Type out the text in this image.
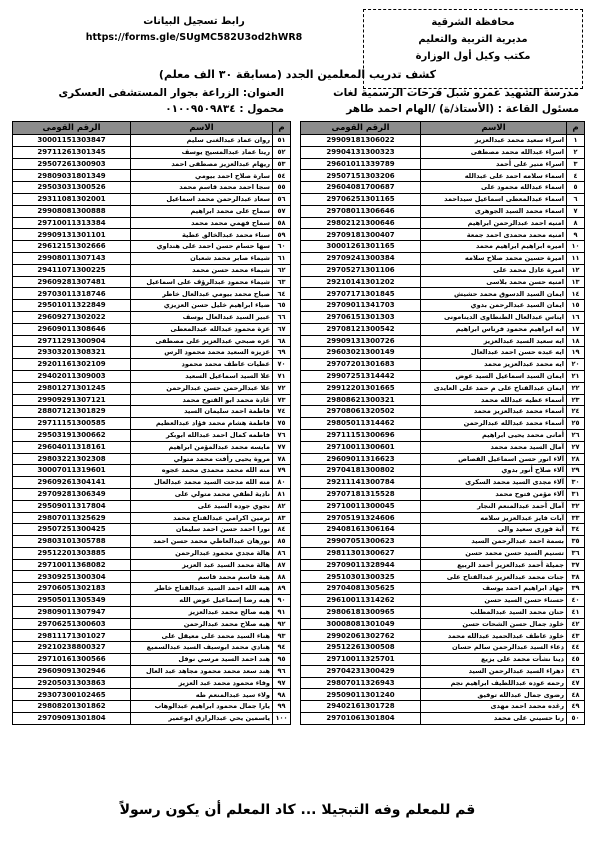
محافظة الشرقية
مديرية التربية والتعليم
مكتب وكيل أول الوزارة
رابط تسجيل البيانات
https://forms.gle/SUgMC582U3od2hWR8
كشف تدريب المعلمين الجدد (مسابقة ٣٠ الف معلم)
مدرسة الشهيد عمرو شبل فرحات الرسمية لغات
مسئول القاعة : (الأستاذ/ة) /الهام احمد طاهر
العنوان: الزراعة بجوار المستشفى العسكرى
محمول : ٠١٠٠٩٥٠٩٨٣٤
م	الاسم	الرقم القومى
١	اسراء سعيد محمد عبدالعزيز	29909181306022
٢	اسراء عبدالله محمد مصطفى	29904131300323
٣	اسراء منير على أحمد	29601011339789
٤	اسماء سلامه احمد على عبدالله	29507151303206
٥	اسماء عبدالله محمود على	29604081700687
٦	اسماء عبدالمعطى اسماعيل سيداحمد	29706251301165
٧	اسماء محمد السيد الجوهرى	29708011306646
٨	امنيه احمد عبدالرحمن ابراهيم	29802121300646
٩	امنيه محمد محمدى احمد جمعة	29709181300407
١٠	اميره ابراهيم ابراهيم محمد	30001261301165
١١	اميرة حسين محمد صلاح سلامه	29709241300384
١٢	اميرة عادل محمد على	29705271301106
١٣	امنيه حسن محمد بلاسى	29210141301202
١٤	ايمان السيد الدسوق محمد حشيش	29707171301845
١٥	ايمان السيد عبدالرحمن بدوي	29709011341703
١٦	ايناس عبدالعال الطنطاوى الدينامونى	29706151301303
١٧	ايه ابراهيم محمود فرناس ابراهيم	29708121300542
١٨	ايه سعيد السيد عبدالعزيز	29909131300726
١٩	ايه عبده حسن احمد عبدالعال	29603021300149
٢٠	ايه محمد عبدالعزيز محمد	29707201301683
٢١	ايمان السيد اسماعيل السيد عوض	29907251314442
٢٢	ايمان عبدالفتاح على م حمد على العايدى	29912201301665
٢٣	أسماء عطيه عبدالله محمد	29808621300321
٢٤	أسماء محمد عبدالعزيز محمد	29708061320502
٢٥	أسماء محمد عبدالله عبدالرحمن	29805011314462
٢٦	أمانى محمد يحيى ابراهيم	29711151300696
٢٧	آمال السيد محمد محمد	29710011300601
٢٨	آلاء انور حسن اسماعيل القصاص	29609011316623
٢٩	آلاء صلاح أنور بدوي	29704181300802
٣٠	آلاء مجدى السيد محمد السكرى	29211141300784
٣١	آلاء مؤمن فتوح محمد	29707181315528
٣٢	آمال أحمد عبدالمنعم النجار	29710011300045
٣٣	آيات فايز عبدالعزيز سلامه	29705191324606
٣٤	آية فوزى سعيد والى	29408161306164
٣٥	بسمة احمد عبدالرحمن السيد	29907051300623
٣٦	تسنيم السيد حسن محمد حسن	29811301300627
٣٧	جميلة أحمد عبدالعزيز أحمد الربيع	29709011328944
٣٨	جنات محمد عبدالعزيز عبدالفتاح على	29510301300325
٣٩	جهاد ابراهيم احمد يوسف	29704081305625
٤٠	حسناء حسن السيد حسن	29610011314262
٤١	حنان محمد السيد عبدالمطلب	29806181300965
٤٢	خلود جمال حسن الشحات حسن	30008081301049
٤٣	خلود عاطف عبدالحميد عبدالله محمد	29902061302762
٤٤	دعاء السيد عبدالرحمن سالم حسان	29512261300508
٤٥	دينا نشأت محمد على يزيع	29710011325701
٤٦	ذهراء السيد عبدالرحمن السيد	29704231300429
٤٧	رحمه عوده عبداللطيف ابراهيم نجم	29807011326943
٤٨	رضوى جمال عبدالله توفيق	29509011301240
٤٩	رغده محمد احمد مهدى	29402161301728
٥٠	رنا حسيني على محمد	29701061301804
م	الاسم	الرقم القومى
٥١	روان عماد عبدالغنى سليم	30001151303847
٥٢	ريتا عماد عبدالمسيح يوسف	29711261301345
٥٣	ريهام عبدالعزيز مصطفى احمد	29507261300903
٥٤	سارة صلاح احمد بيومي	29809031801349
٥٥	سجا احمد محمد قاسم محمد	29503031300526
٥٦	سعاد عبدالرحمن محمد اسماعيل	29311081302001
٥٧	سماح على محمد ابراهيم	29908081300888
٥٨	سماح فهمي محمد محمد	29710011313384
٥٩	سناء محمد عبدالخالق عطية	29909131301101
٦٠	سها حسام حسن احمد على هنداوي	29612151302666
٦١	شيماء صابر محمد شعبان	29908011307143
٦٢	شيماء محمد حسن محمد	29411071300225
٦٣	شيماء محمود عبدالرؤف على اسماعيل	29609281307481
٦٤	صباح محمد بيومي عبدالعال خاطر	29703011318746
٦٥	ضياء ابراهيم خليل حسن العزيزي	29501011322849
٦٦	عبير السيد عبدالعال يوسف	29609271302022
٦٧	عزة محمود عبدالله عبدالمعطى	29609011308646
٦٨	عزه صبحي عبدالعزيز على مصطفى	29711291300904
٦٩	عزيزه السعيد محمد محمود الرس	29303201308321
٧٠	عطيات عاطف محمد محمود	29201161302109
٧١	علا السيد اسماعيل السعيد	29402011309003
٧٢	علا عبدالرحمن حسن عبدالرحمن	29801271301245
٧٣	غادة محمد ابو الفتوح محمد	29909291307121
٧٤	فاطمة احمد سليمان السيد	28807121301829
٧٥	فاطمة هشام محمد فؤاد عبدالعظيم	29711151300585
٧٦	فاطمه كمال احمد عبدالله ابوبكر	29503191300662
٧٧	مايسه محمد عبدالمؤمن ابراهيم	29604011318161
٧٨	مروة يحيى رأفت محمد متولي	29803221302308
٧٩	منه الله محمد محمدى محمد عجوه	30007011319601
٨٠	منه الله مدحت السيد محمد عبدالعال	29609261304141
٨١	نادية لطفي محمد متولي على	29709281306349
٨٢	نجوي جوده السيد على	29509011317804
٨٣	نرمين اكرامي عبدالفتاح محمد	29807011325629
٨٤	نورا احمد حسن احمد سليمان	29507251300425
٨٥	نورهان عبدالعاطي محمد حسن احمد	29803101305788
٨٦	هالة مجدي محمود عبدالرحمن	29512201303885
٨٧	هالة محمد السيد عبد العزيز	29710011368082
٨٨	هبة قاسم محمد قاسم	29309251300304
٨٩	هبه الله احمد السيد عبدالفتاح خاطر	29706051302183
٩٠	هبه رضا إسماعيل عوض الله	29505011305349
٩١	هبه صالح محمد عبدالعزيز	29809011307947
٩٢	هبه صلاح محمد عبدالرحمن	29706251300603
٩٣	هناء السيد محمد على معيقل على	29811171301027
٩٤	هنادي محمد ابوسيف السيد عبدالسميع	29210238800327
٩٥	هند احمد السيد مرسي نوفل	29710161300566
٩٦	هند سعد محمد محمود مجاهد عبد العال	29609091302946
٩٧	وفاء محمود محمد عبد العزيز	29205031303863
٩٨	ولاء سيد عبدالمنعم طه	29307300102465
٩٩	يارا جمال محمود ابراهيم عبدالوهاب	29808201301862
١٠٠	ياسمين يحي عبدالرازق ابوعمير	29709091301804
قم للمعلم وفه التبجيلا ... كاد المعلم أن يكون رسولاً
